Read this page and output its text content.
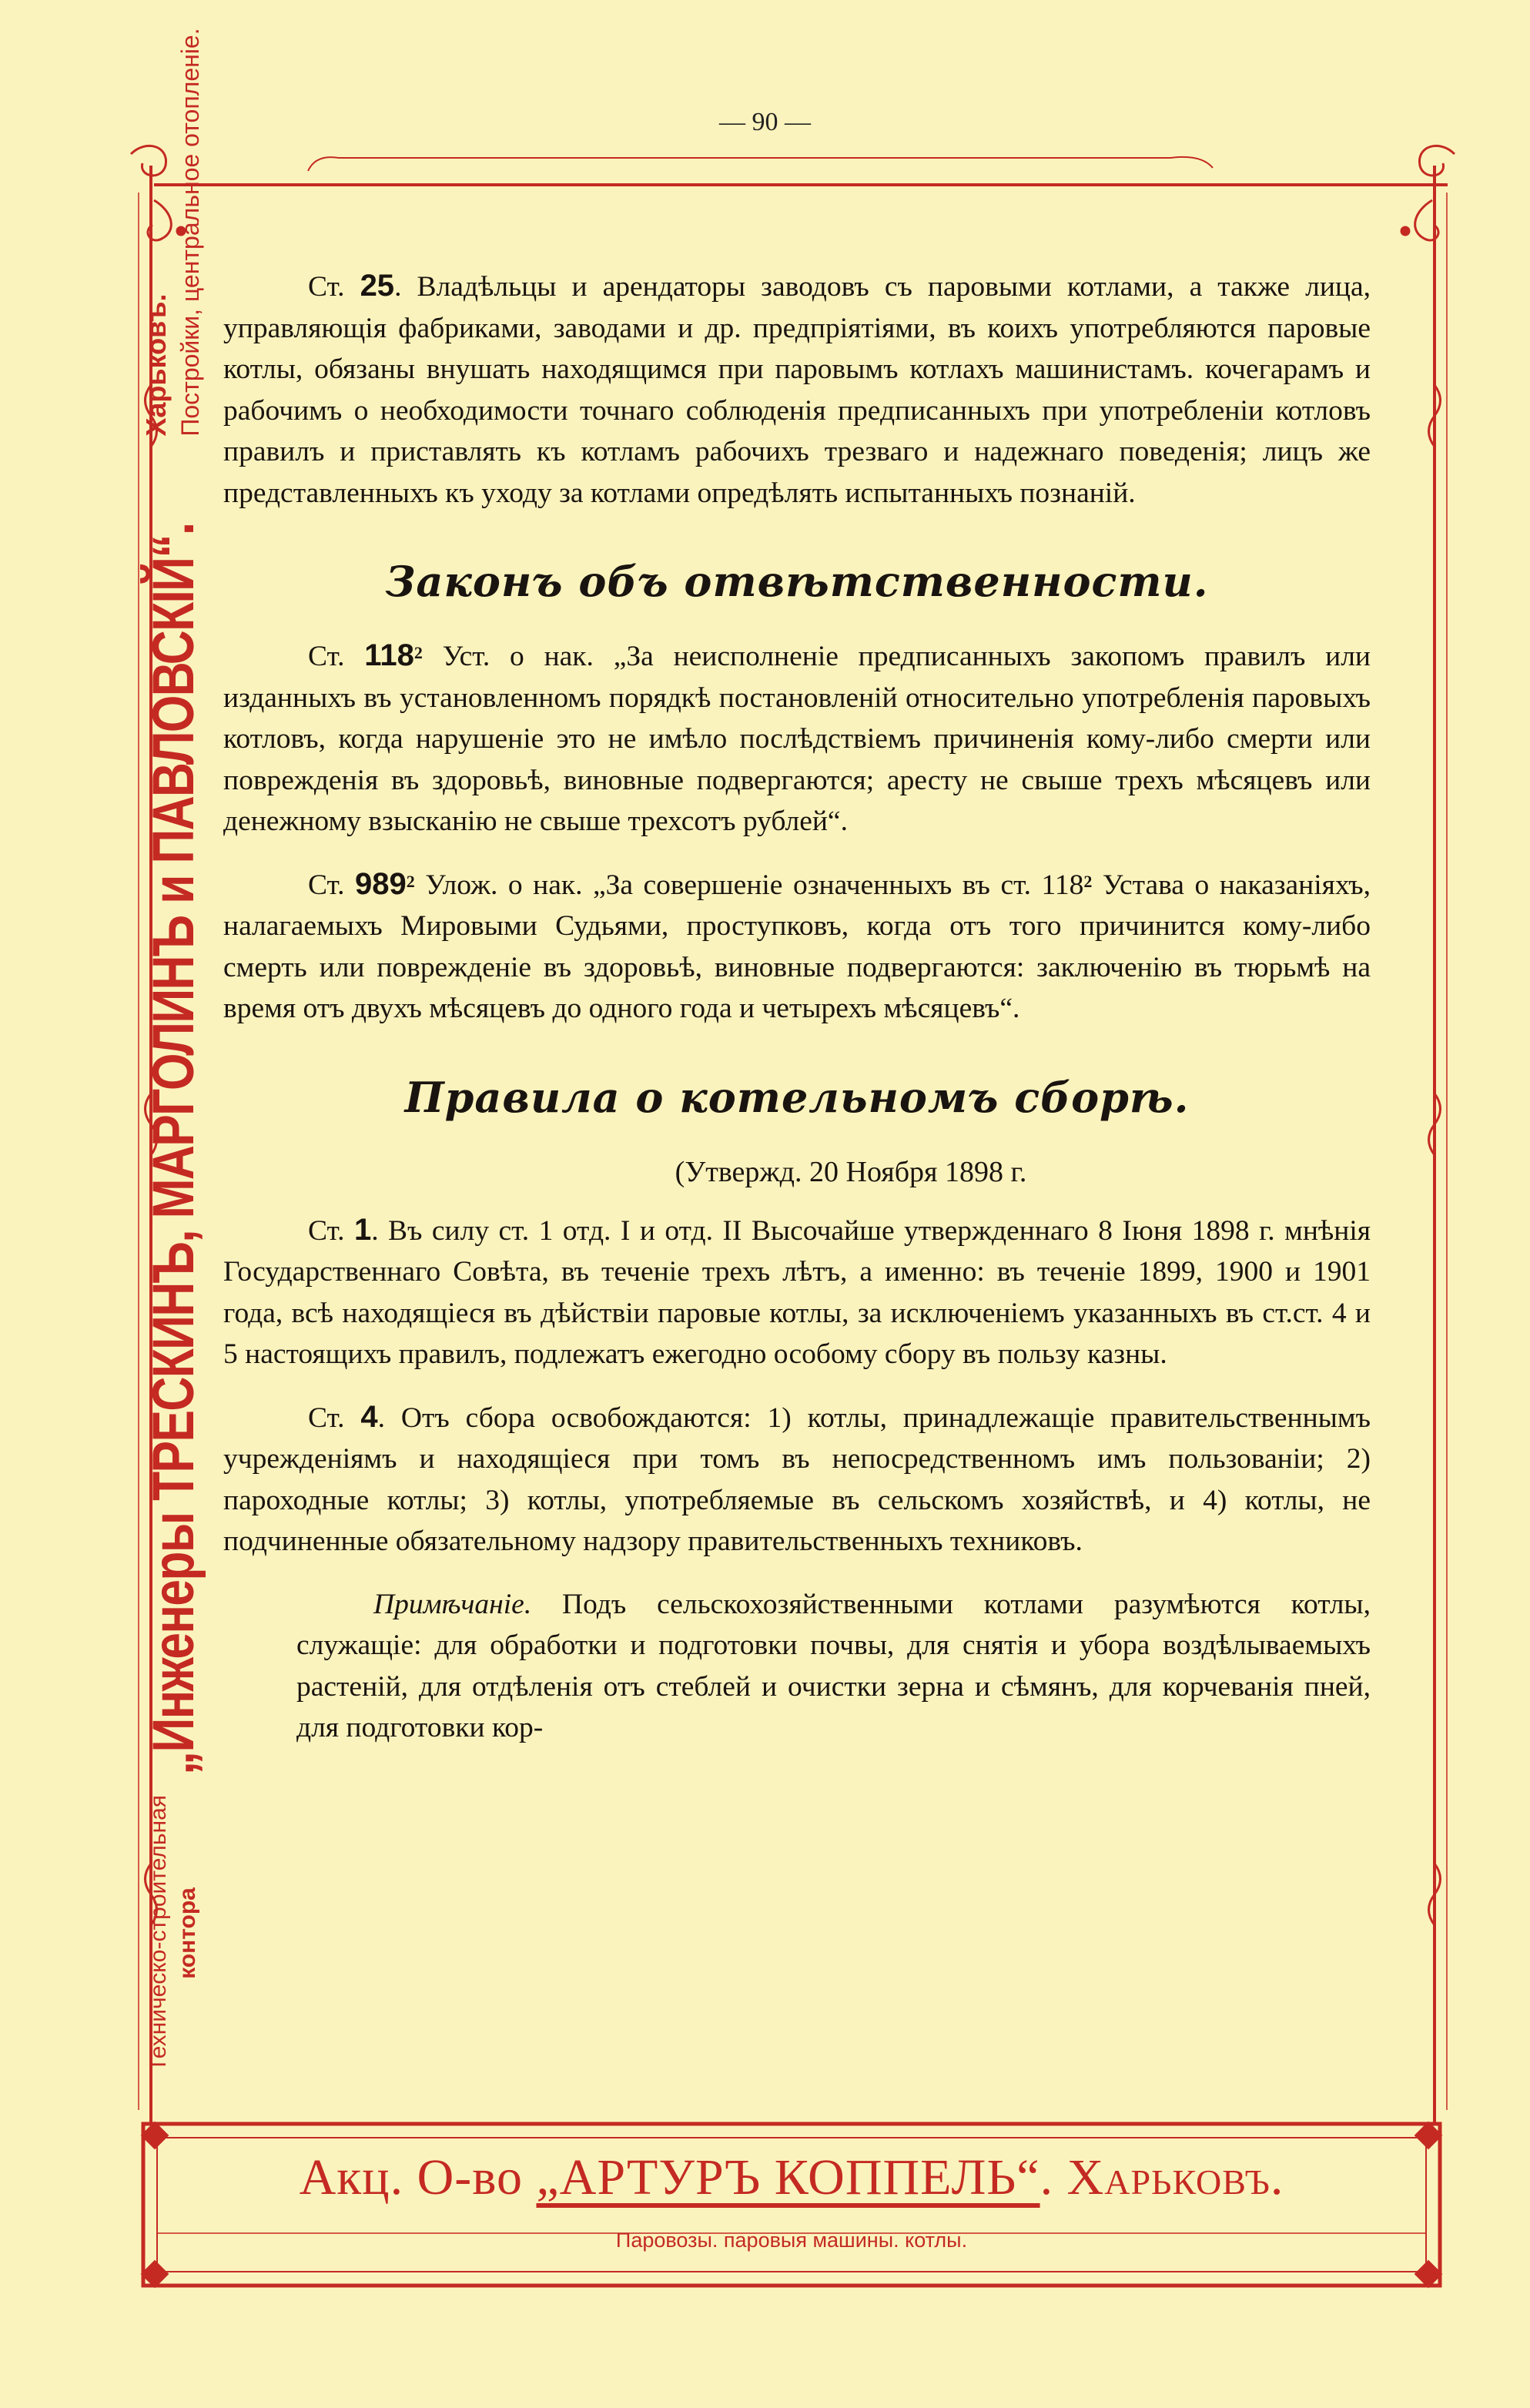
— 90 —
Техническо-строительная контора
„Инженеры ТРЕСКИНЪ, МАРГОЛИНЪ и ПАВЛОВСКІЙ“.
Харьковъ. Постройки, центральное отопленіе.	Ст. 25. Владѣльцы и арендаторы заводовъ съ паровыми котлами, а также лица, управляющія фабриками, заводами и др. предпріятіями, въ коихъ употребляются паровые котлы, обязаны внушать находящимся при паровымъ котлахъ машинистамъ. кочегарамъ и рабочимъ о необходимости точнаго соблюденія предписанныхъ при употребленіи котловъ правилъ и приставлять къ котламъ рабочихъ трезваго и надежнаго поведенія; лицъ же представленныхъ къ уходу за котлами опредѣлять испытанныхъ познаній.

Законъ объ отвѣтственности.

Ст. $118^2$ Уст. о нак. „За неисполненіе предписанныхъ закопомъ правилъ или изданныхъ въ установленномъ порядкѣ постановленій относительно употребленія паровыхъ котловъ, когда нарушеніе это не имѣло послѣдствіемъ причиненія кому-либо смерти или поврежденія въ здоровьѣ, виновные подвергаются; аресту не свыше трехъ мѣсяцевъ или денежному взысканію не свыше трехсотъ рублей“.

Ст. $989^2$ Улож. о нак. „За совершеніе означенныхъ въ ст. $118^2$ Устава о наказаніяхъ, налагаемыхъ Мировыми Судьями, проступковъ, когда отъ того причинится кому-либо смерть или поврежденіе въ здоровьѣ, виновные подвергаются: заключенію въ тюрьмѣ на время отъ двухъ мѣсяцевъ до одного года и четырехъ мѣсяцевъ“.

Правила о котельномъ сборѣ.
(Утвержд. 20 Ноября 1898 г.

Ст. 1. Въ силу ст. 1 отд. I и отд. II Высочайше утвержденнаго 8 Іюня 1898 г. мнѣнія Государственнаго Совѣта, въ теченіе трехъ лѣтъ, а именно: въ теченіе 1899, 1900 и 1901 года, всѣ находящіеся въ дѣйствіи паровые котлы, за исключеніемъ указанныхъ въ ст.ст. 4 и 5 настоящихъ правилъ, подлежатъ ежегодно особому сбору въ пользу казны.

Ст. 4. Отъ сбора освобождаются: 1) котлы, принадлежащіе правительственнымъ учрежденіямъ и находящіеся при томъ въ непосредственномъ имъ пользованіи; 2) пароходные котлы; 3) котлы, употребляемые въ сельскомъ хозяйствѣ, и 4) котлы, не подчиненные обязательному надзору правительственныхъ техниковъ.

Примѣчаніе. Подъ сельскохозяйственными котлами разумѣются котлы, служащіе: для обработки и подготовки почвы, для снятія и убора воздѣлываемыхъ растеній, для отдѣленія отъ стеблей и очистки зерна и сѣмянъ, для корчеванія пней, для подготовки кор-

Акц. О-во „АРТУРЪ КОППЕЛЬ“. Харьковъ.
Паровозы. паровыя машины. котлы.
